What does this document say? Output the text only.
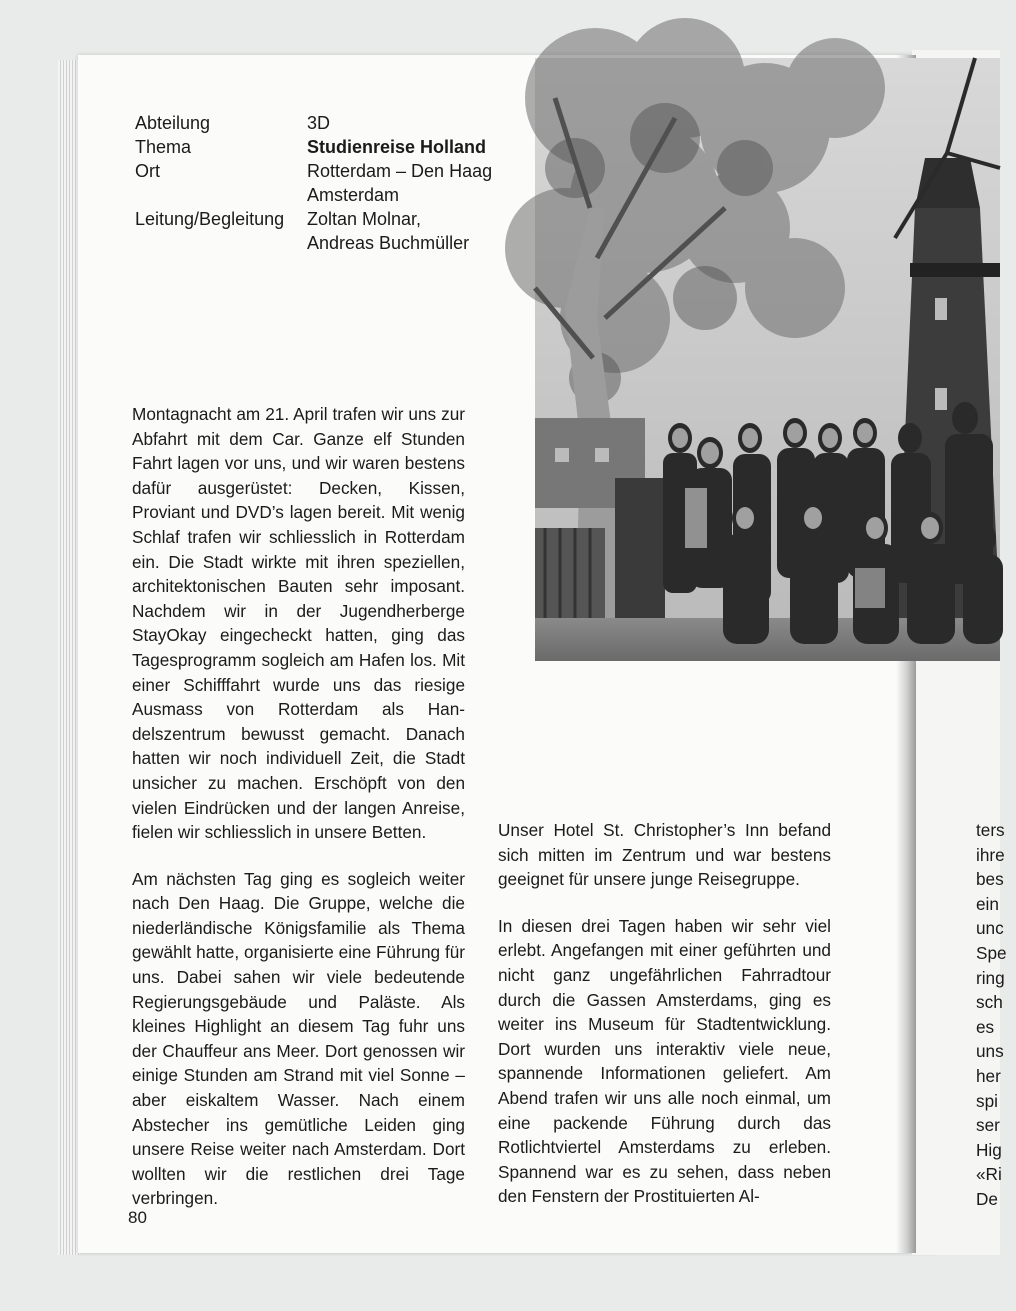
Abteilung	3D
Thema	Studienreise Holland
Ort	Rotterdam – Den Haag
Amsterdam
Leitung/Begleitung	Zoltan Molnar,
Andreas Buchmüller

Montagnacht am 21. April trafen wir uns zur Abfahrt mit dem Car. Ganze elf Stunden Fahrt lagen vor uns, und wir waren bestens dafür ausgerüstet: Decken, Kissen, Proviant und DVD’s lagen bereit. Mit wenig Schlaf trafen wir schliesslich in Rotterdam ein. Die Stadt wirkte mit ihren speziellen, architektonischen Bauten sehr imposant. Nachdem wir in der Jugendherberge StayOkay eingecheckt hatten, ging das Tagesprogramm sogleich am Hafen los. Mit einer Schifffahrt wurde uns das riesige Ausmass von Rotterdam als Handelszentrum bewusst gemacht. Danach hatten wir noch individuell Zeit, die Stadt unsicher zu machen. Erschöpft von den vielen Eindrücken und der langen Anreise, fielen wir schliesslich in unsere Betten.

Am nächsten Tag ging es sogleich weiter nach Den Haag. Die Gruppe, welche die niederländische Königsfamilie als Thema gewählt hatte, organisierte eine Führung für uns. Dabei sahen wir viele bedeutende Regierungsgebäude und Paläste. Als kleines Highlight an diesem Tag fuhr uns der Chauffeur ans Meer. Dort genossen wir einige Stunden am Strand mit viel Sonne – aber eiskaltem Wasser. Nach einem Abstecher ins gemütliche Leiden ging unsere Reise weiter nach Amsterdam. Dort wollten wir die restlichen drei Tage verbringen.

Unser Hotel St. Christopher’s Inn befand sich mitten im Zentrum und war bestens geeignet für unsere junge Reisegruppe.

In diesen drei Tagen haben wir sehr viel erlebt. Angefangen mit einer geführten und nicht ganz ungefährlichen Fahrradtour durch die Gassen Amsterdams, ging es weiter ins Museum für Stadtentwicklung. Dort wurden uns interaktiv viele neue, spannende Informationen geliefert. Am Abend trafen wir uns alle noch einmal, um eine packende Führung durch das Rotlichtviertel Amsterdams zu erleben. Spannend war es zu sehen, dass neben den Fenstern der Prostituierten Al-

ters
ihre
bes
ein
unc
Spe
ring
sch
es
uns
her
spi
ser
Hig
«Ri
De
80
